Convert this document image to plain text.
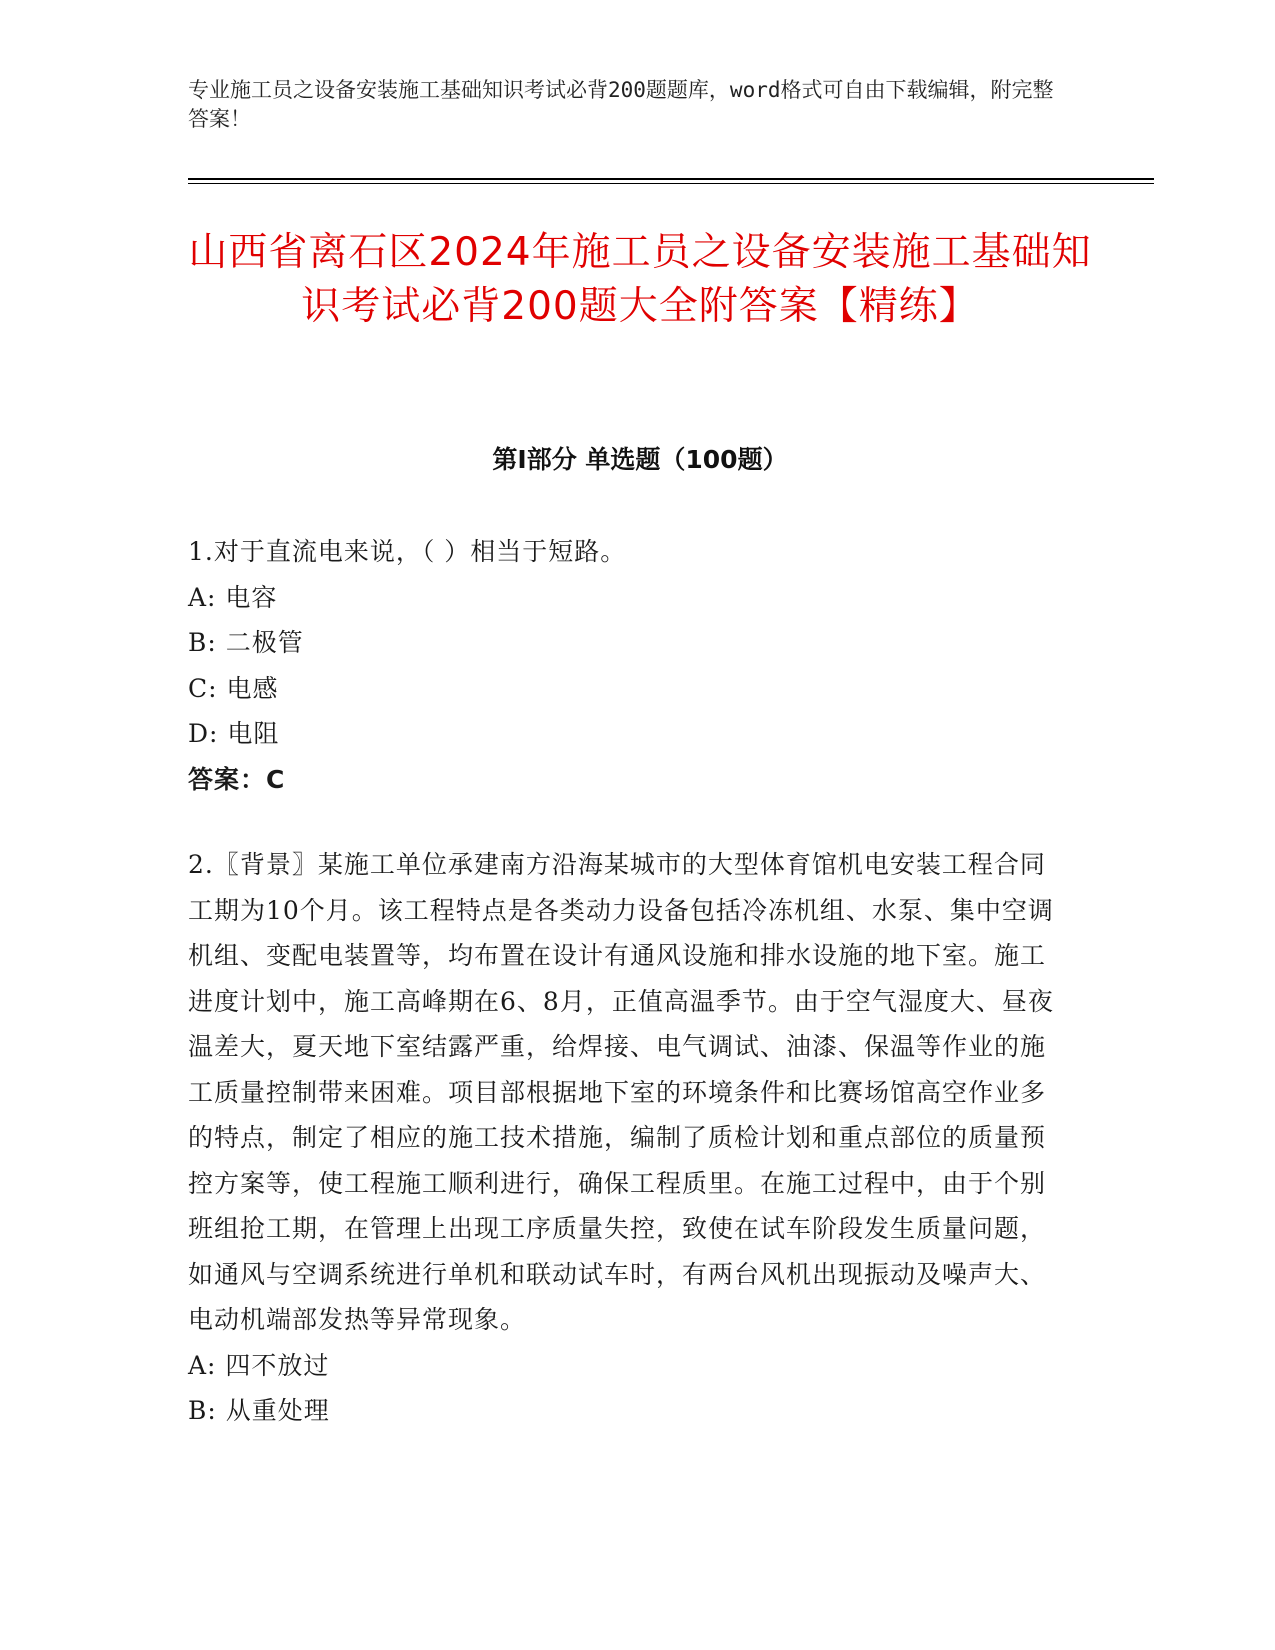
专业施工员之设备安装施工基础知识考试必背200题题库，word格式可自由下载编辑，附完整答案！
山西省离石区2024年施工员之设备安装施工基础知识考试必背200题大全附答案【精练】
第Ⅰ部分 单选题（100题）

1.对于直流电来说，（ ）相当于短路。

A: 电容

B: 二极管

C: 电感

D: 电阻

答案：C

2.〖背景〗某施工单位承建南方沿海某城市的大型体育馆机电安装工程合同工期为10个月。该工程特点是各类动力设备包括冷冻机组、水泵、集中空调机组、变配电装置等，均布置在设计有通风设施和排水设施的地下室。施工进度计划中，施工高峰期在6、8月，正值高温季节。由于空气湿度大、昼夜温差大，夏天地下室结露严重，给焊接、电气调试、油漆、保温等作业的施工质量控制带来困难。项目部根据地下室的环境条件和比赛场馆高空作业多的特点，制定了相应的施工技术措施，编制了质检计划和重点部位的质量预控方案等，使工程施工顺利进行，确保工程质里。在施工过程中，由于个别班组抢工期，在管理上出现工序质量失控，致使在试车阶段发生质量问题，如通风与空调系统进行单机和联动试车时，有两台风机出现振动及噪声大、电动机端部发热等异常现象。

A: 四不放过

B: 从重处理
